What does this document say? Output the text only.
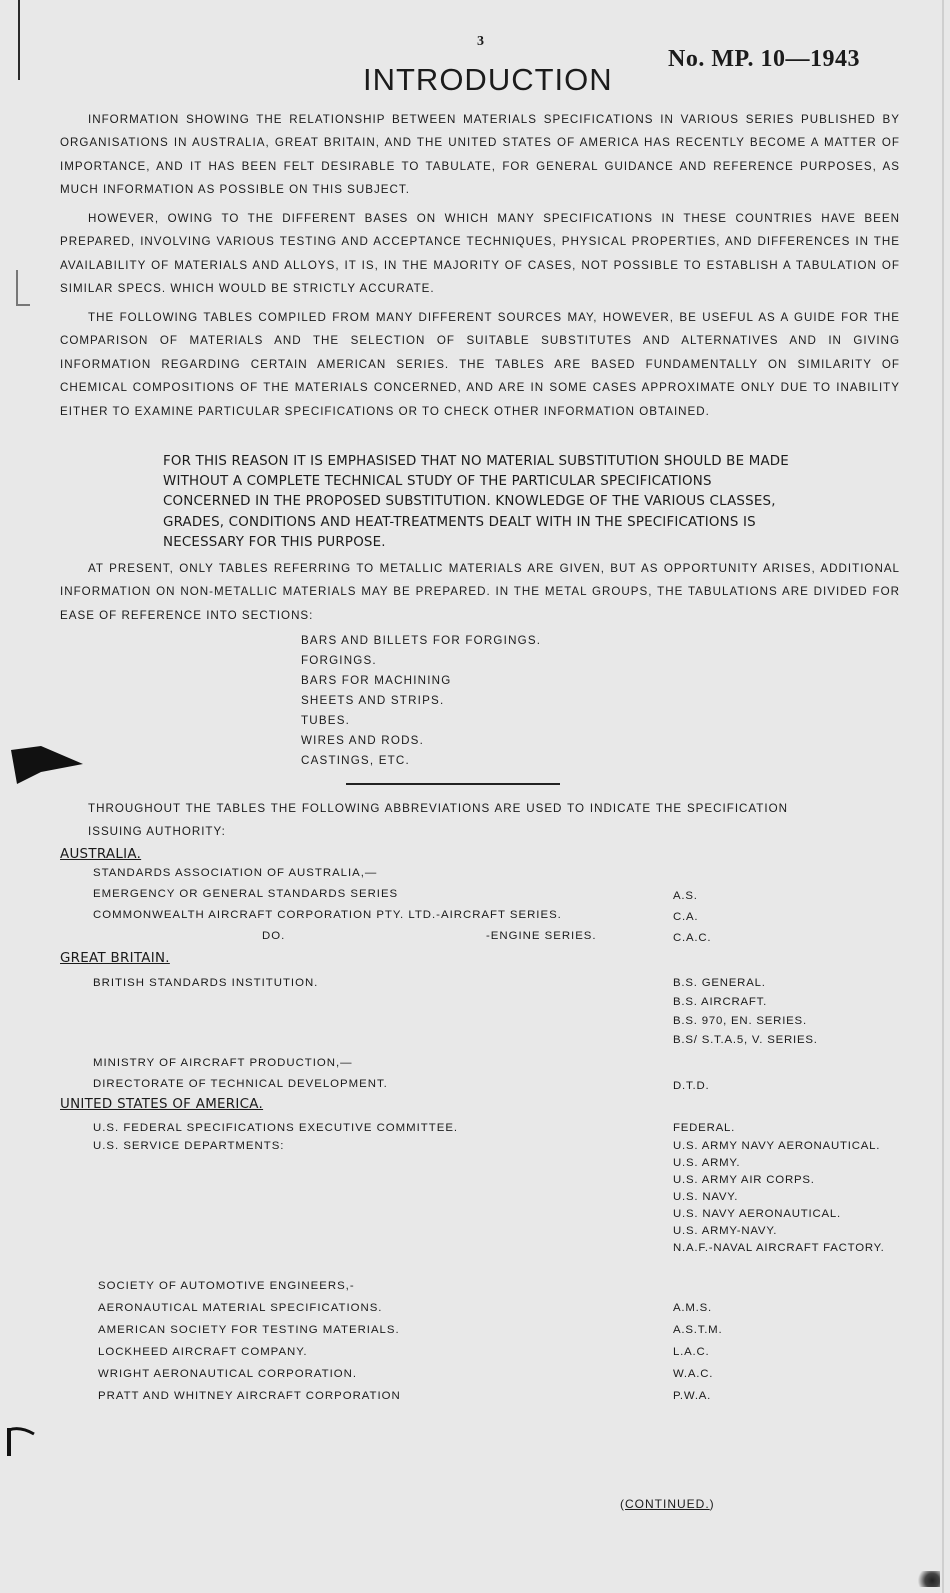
3
No. MP. 10—1943
INTRODUCTION
INFORMATION SHOWING THE RELATIONSHIP BETWEEN MATERIALS SPECIFICATIONS IN VARIOUS SERIES PUBLISHED BY ORGANISATIONS IN AUSTRALIA, GREAT BRITAIN, AND THE UNITED STATES OF AMERICA HAS RECENTLY BECOME A MATTER OF IMPORTANCE, AND IT HAS BEEN FELT DESIRABLE TO TABULATE, FOR GENERAL GUIDANCE AND REFERENCE PURPOSES, AS MUCH INFORMATION AS POSSIBLE ON THIS SUBJECT.
HOWEVER, OWING TO THE DIFFERENT BASES ON WHICH MANY SPECIFICATIONS IN THESE COUNTRIES HAVE BEEN PREPARED, INVOLVING VARIOUS TESTING AND ACCEPTANCE TECHNIQUES, PHYSICAL PROPERTIES, AND DIFFERENCES IN THE AVAILABILITY OF MATERIALS AND ALLOYS, IT IS, IN THE MAJORITY OF CASES, NOT POSSIBLE TO ESTABLISH A TABULATION OF SIMILAR SPECS. WHICH WOULD BE STRICTLY ACCURATE.
THE FOLLOWING TABLES COMPILED FROM MANY DIFFERENT SOURCES MAY, HOWEVER, BE USEFUL AS A GUIDE FOR THE COMPARISON OF MATERIALS AND THE SELECTION OF SUITABLE SUBSTITUTES AND ALTERNATIVES AND IN GIVING INFORMATION REGARDING CERTAIN AMERICAN SERIES. THE TABLES ARE BASED FUNDAMENTALLY ON SIMILARITY OF CHEMICAL COMPOSITIONS OF THE MATERIALS CONCERNED, AND ARE IN SOME CASES APPROXIMATE ONLY DUE TO INABILITY EITHER TO EXAMINE PARTICULAR SPECIFICATIONS OR TO CHECK OTHER INFORMATION OBTAINED.
FOR THIS REASON IT IS EMPHASISED THAT NO MATERIAL SUBSTITUTION SHOULD BE MADE WITHOUT A COMPLETE TECHNICAL STUDY OF THE PARTICULAR SPECIFICATIONS CONCERNED IN THE PROPOSED SUBSTITUTION. KNOWLEDGE OF THE VARIOUS CLASSES, GRADES, CONDITIONS AND HEAT-TREATMENTS DEALT WITH IN THE SPECIFICATIONS IS NECESSARY FOR THIS PURPOSE.
AT PRESENT, ONLY TABLES REFERRING TO METALLIC MATERIALS ARE GIVEN, BUT AS OPPORTUNITY ARISES, ADDITIONAL INFORMATION ON NON-METALLIC MATERIALS MAY BE PREPARED. IN THE METAL GROUPS, THE TABULATIONS ARE DIVIDED FOR EASE OF REFERENCE INTO SECTIONS:
BARS AND BILLETS FOR FORGINGS.
FORGINGS.
BARS FOR MACHINING
SHEETS AND STRIPS.
TUBES.
WIRES AND RODS.
CASTINGS, ETC.
THROUGHOUT THE TABLES THE FOLLOWING ABBREVIATIONS ARE USED TO INDICATE THE SPECIFICATION ISSUING AUTHORITY:
AUSTRALIA.
STANDARDS ASSOCIATION OF AUSTRALIA,—
EMERGENCY OR GENERAL STANDARDS SERIES	A.S.
COMMONWEALTH AIRCRAFT CORPORATION PTY. LTD.-AIRCRAFT SERIES.	C.A.
DO.	-ENGINE SERIES.	C.A.C.
GREAT BRITAIN.
BRITISH STANDARDS INSTITUTION.	B.S. GENERAL.
B.S. AIRCRAFT.
B.S. 970, EN. SERIES.
B.S/ S.T.A.5, V. SERIES.
MINISTRY OF AIRCRAFT PRODUCTION,—
DIRECTORATE OF TECHNICAL DEVELOPMENT.	D.T.D.
UNITED STATES OF AMERICA.
U.S. FEDERAL SPECIFICATIONS EXECUTIVE COMMITTEE.	FEDERAL.
U.S. SERVICE DEPARTMENTS:	U.S. ARMY NAVY AERONAUTICAL.
U.S. ARMY.
U.S. ARMY AIR CORPS.
U.S. NAVY.
U.S. NAVY AERONAUTICAL.
U.S. ARMY-NAVY.
N.A.F.-NAVAL AIRCRAFT FACTORY.
SOCIETY OF AUTOMOTIVE ENGINEERS,-
AERONAUTICAL MATERIAL SPECIFICATIONS.	A.M.S.
AMERICAN SOCIETY FOR TESTING MATERIALS.	A.S.T.M.
LOCKHEED AIRCRAFT COMPANY.	L.A.C.
WRIGHT AERONAUTICAL CORPORATION.	W.A.C.
PRATT AND WHITNEY AIRCRAFT CORPORATION	P.W.A.
(CONTINUED.)
